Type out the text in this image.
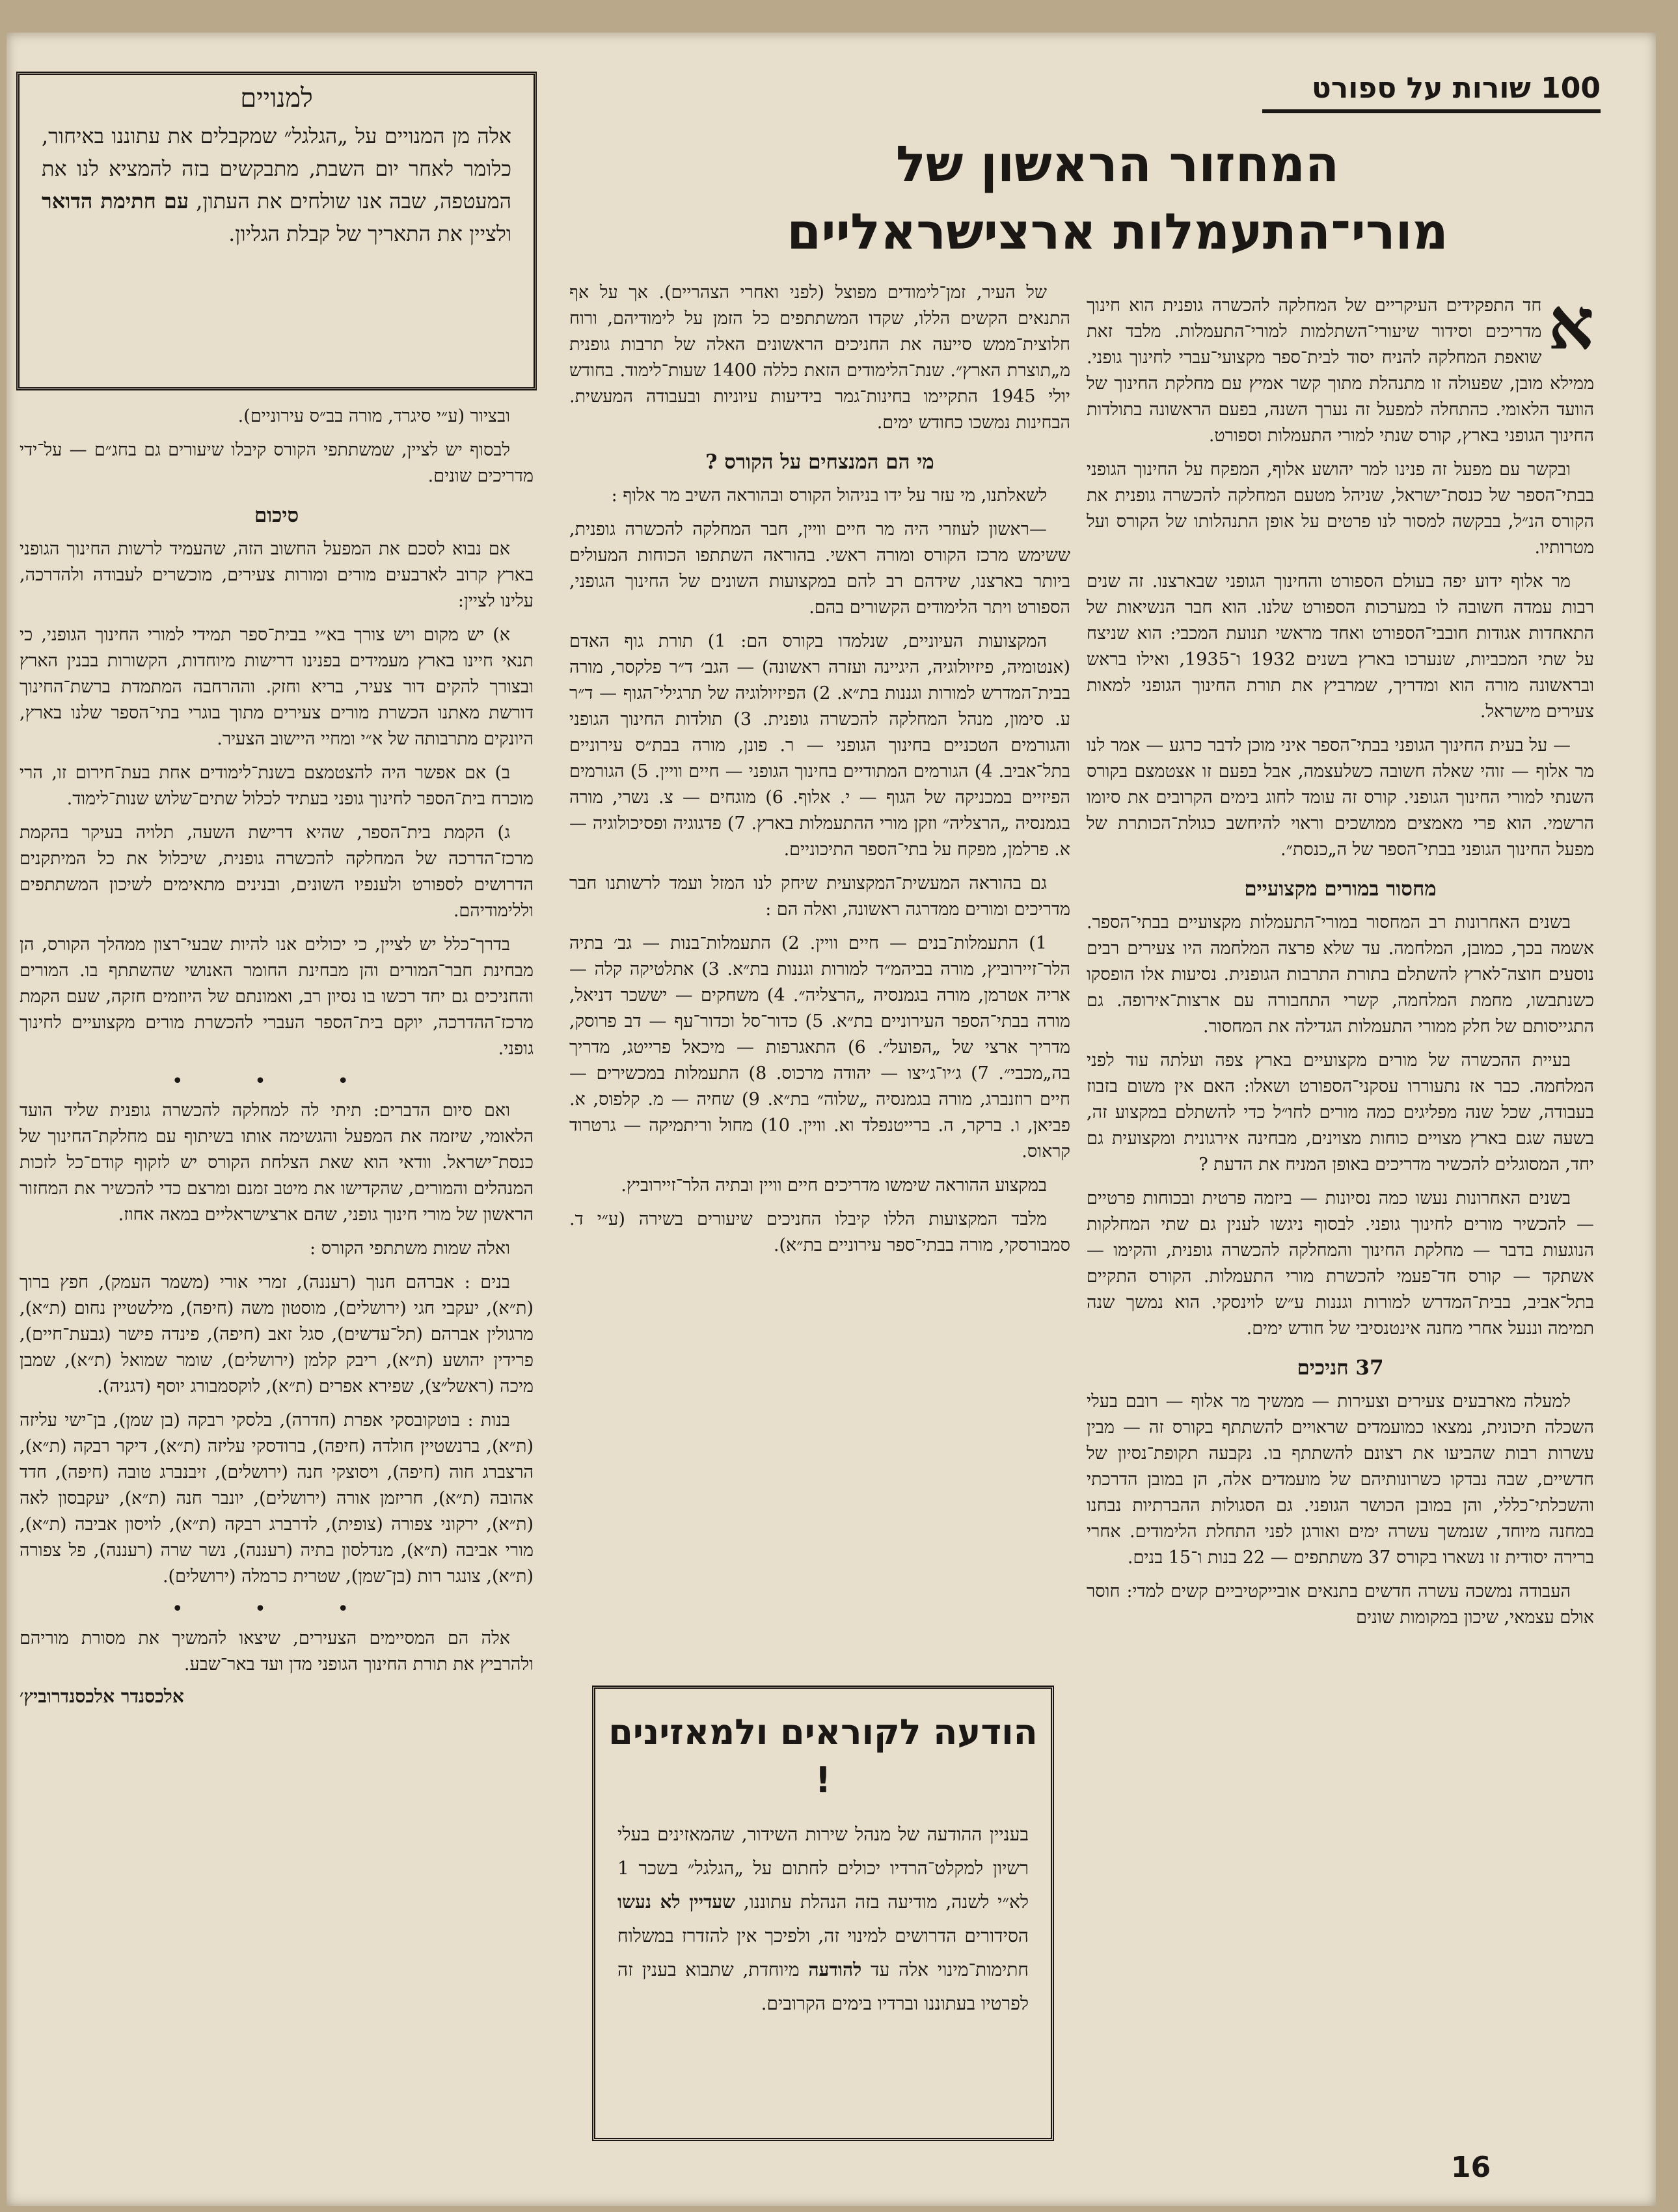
100 שורות על ספורט
המחזור הראשון של מורי־התעמלות ארצישראליים
למנויים
אלה מן המנויים על „הגלגל״ שמקבלים את עתוננו באיחור, כלומר לאחר יום השבת, מתבקשים בזה להמציא לנו את המעטפה, שבה אנו שולחים את העתון, עם חתימת הדואר ולציין את התאריך של קבלת הגליון.

א
חד התפקידים העיקריים של המחלקה להכשרה גופנית הוא חינוך מדריכים וסידור שיעורי־השתלמות למורי־התעמלות. מלבד זאת שואפת המחלקה להניח יסוד לבית־ספר מקצועי־עברי לחינוך גופני. ממילא מובן, שפעולה זו מתנהלת מתוך קשר אמיץ עם מחלקת החינוך של הוועד הלאומי. כהתחלה למפעל זה נערך השנה, בפעם הראשונה בתולדות החינוך הגופני בארץ, קורס שנתי למורי התעמלות וספורט.

ובקשר עם מפעל זה פנינו למר יהושע אלוף, המפקח על החינוך הגופני בבתי־הספר של כנסת־ישראל, שניהל מטעם המחלקה להכשרה גופנית את הקורס הנ״ל, בבקשה למסור לנו פרטים על אופן התנהלותו של הקורס ועל מטרותיו.

מר אלוף ידוע יפה בעולם הספורט והחינוך הגופני שבארצנו. זה שנים רבות עמדה חשובה לו במערכות הספורט שלנו. הוא חבר הנשיאות של התאחדות אגודות חובבי־הספורט ואחד מראשי תנועת המכבי: הוא שניצח על שתי המכביות, שנערכו בארץ בשנים 1932 ו־1935, ואילו בראש ובראשונה מורה הוא ומדריך, שמרביץ את תורת החינוך הגופני למאות צעירים מישראל.

— על בעית החינוך הגופני בבתי־הספר איני מוכן לדבר כרגע — אמר לנו מר אלוף — זוהי שאלה חשובה כשלעצמה, אבל בפעם זו אצטמצם בקורס השנתי למורי החינוך הגופני. קורס זה עומד לחוג בימים הקרובים את סיומו הרשמי. הוא פרי מאמצים ממושכים וראוי להיחשב כגולת־הכותרת של מפעל החינוך הגופני בבתי־הספר של ה„כנסת״.

מחסור במורים מקצועיים

בשנים האחרונות רב המחסור במורי־התעמלות מקצועיים בבתי־הספר. אשמה בכך, כמובן, המלחמה. עד שלא פרצה המלחמה היו צעירים רבים נוסעים חוצה־לארץ להשתלם בתורת התרבות הגופנית. נסיעות אלו הופסקו כשנתבשו, מחמת המלחמה, קשרי התחבורה עם ארצות־אירופה. גם התגייסותם של חלק ממורי התעמלות הגדילה את המחסור.

בעיית ההכשרה של מורים מקצועיים בארץ צפה ועלתה עוד לפני המלחמה. כבר אז נתעוררו עסקני־הספורט ושאלו: האם אין משום בזבוז בעבודה, שכל שנה מפליגים כמה מורים לחו״ל כדי להשתלם במקצוע זה, בשעה שגם בארץ מצויים כוחות מצוינים, מבחינה אירגונית ומקצועית גם יחד, המסוגלים להכשיר מדריכים באופן המניח את הדעת ?

בשנים האחרונות נעשו כמה נסיונות — ביזמה פרטית ובכוחות פרטיים — להכשיר מורים לחינוך גופני. לבסוף ניגשו לענין גם שתי המחלקות הנוגעות בדבר — מחלקת החינוך והמחלקה להכשרה גופנית, והקימו — אשתקד — קורס חד־פעמי להכשרת מורי התעמלות. הקורס התקיים בתל־אביב, בבית־המדרש למורות וגננות ע״ש לוינסקי. הוא נמשך שנה תמימה וננעל אחרי מחנה אינטנסיבי של חודש ימים.

37 חניכים

למעלה מארבעים צעירים וצעירות — ממשיך מר אלוף — רובם בעלי השכלה תיכונית, נמצאו כמועמדים שראויים להשתתף בקורס זה — מבין עשרות רבות שהביעו את רצונם להשתתף בו. נקבעה תקופת־נסיון של חדשיים, שבה נבדקו כשרונותיהם של מועמדים אלה, הן במובן הדרכתי והשכלתי־כללי, והן במובן הכושר הגופני. גם הסגולות ההברתיות נבחנו במחנה מיוחד, שנמשך עשרה ימים ואורגן לפני התחלת הלימודים. אחרי ברירה יסודית זו נשארו בקורס 37 משתתפים — 22 בנות ו־15 בנים.

העבודה נמשכה עשרה חדשים בתנאים אובייקטיביים קשים למדי: חוסר אולם עצמאי, שיכון במקומות שונים

של העיר, זמן־לימודים מפוצל (לפני ואחרי הצהריים). אך על אף התנאים הקשים הללו, שקדו המשתתפים כל הזמן על לימודיהם, ורוח חלוצית־ממש סייעה את החניכים הראשונים האלה של תרבות גופנית מ„תוצרת הארץ״. שנת־הלימודים הזאת כללה 1400 שעות־לימוד. בחודש יולי 1945 התקיימו בחינות־גמר בידיעות עיוניות ובעבודה המעשית. הבחינות נמשכו כחודש ימים.

מי הם המנצחים על הקורס ?

לשאלתנו, מי עזר על ידו בניהול הקורס ובהוראה השיב מר אלוף :

—ראשון לעוזרי היה מר חיים וויין, חבר המחלקה להכשרה גופנית, ששימש מרכז הקורס ומורה ראשי. בהוראה השתתפו הכוחות המעולים ביותר בארצנו, שידהם רב להם במקצועות השונים של החינוך הגופני, הספורט ויתר הלימודים הקשורים בהם.

המקצועות העיוניים, שנלמדו בקורס הם: 1) תורת גוף האדם (אנטומיה, פיזיולוגיה, היגיינה ועזרה ראשונה) — הגב׳ ד״ר פלקסר, מורה בבית־המדרש למורות וגננות בת״א. 2) הפיזיולוגיה של תרגילי־הגוף — ד״ר ע. סימון, מנהל המחלקה להכשרה גופנית. 3) תולדות החינוך הגופני והגורמים הטכניים בחינוך הגופני — ר. פונן, מורה בבת״ס עירוניים בתל־אביב. 4) הגורמים המתודיים בחינוך הגופני — חיים וויין. 5) הגורמים הפיזיים במכניקה של הגוף — י. אלוף. 6) מוגחים — צ. נשרי, מורה בגמנסיה „הרצליה״ וזקן מורי ההתעמלות בארץ. 7) פדגוגיה ופסיכולוגיה — א. פרלמן, מפקח על בתי־הספר התיכוניים.

גם בהוראה המעשית־המקצועית שיחק לנו המזל ועמד לרשותנו חבר מדריכים ומורים ממדרגה ראשונה, ואלה הם :

1) התעמלות־בנים — חיים וויין. 2) התעמלות־בנות — גב׳ בתיה הלר־זיירוביץ, מורה בביהמ״ד למורות וגננות בת״א. 3) אתלטיקה קלה — אריה אטרמן, מורה בגמנסיה „הרצליה״. 4) משחקים — יששכר דניאל, מורה בבתי־הספר העירוניים בת״א. 5) כדור־סל וכדור־עף — דב פרוסק, מדריך ארצי של „הפועל״. 6) התאגרפות — מיכאל פרייטג, מדריך בה„מכבי״. 7) ג׳יו־ג׳יצו — יהודה מרכוס. 8) התעמלות במכשירים — חיים רוזנברג, מורה בגמנסיה „שלוה״ בת״א. 9) שחיה — מ. קלפוס, א. פביאן, ו. ברקר, ה. ברייטנפלד וא. וויין. 10) מחול וריתמיקה — גרטרוד קראוס.

במקצוע ההוראה שימשו מדריכים חיים וויין ובתיה הלר־זיירוביץ.

מלבד המקצועות הללו קיבלו החניכים שיעורים בשירה (ע״י ד. סמבורסקי, מורה בבתי־ספר עירוניים בת״א).

הודעה לקוראים ולמאזינים !
בעניין ההודעה של מנהל שירות השידור, שהמאזינים בעלי רשיון למקלט־הרדיו יכולים לחתום על „הגלגל״ בשכר 1 לא״י לשנה, מודיעה בזה הנהלת עתוננו, שעדיין לא נעשו הסידורים הדרושים למינוי זה, ולפיכך אין להזדרז במשלוח חתימות־מינוי אלה עד להודעה מיוחדת, שתבוא בענין זה לפרטיו בעתוננו וברדיו בימים הקרובים.

ובציור (ע״י סיגרד, מורה בב״ס עירוניים).

לבסוף יש לציין, שמשתתפי הקורס קיבלו שיעורים גם בחג״ם — על־ידי מדריכים שונים.

סיכום

אם נבוא לסכם את המפעל החשוב הזה, שהעמיד לרשות החינוך הגופני בארץ קרוב לארבעים מורים ומורות צעירים, מוכשרים לעבודה ולהדרכה, עלינו לציין:

א) יש מקום ויש צורך בא״י בבית־ספר תמידי למורי החינוך הגופני, כי תנאי חיינו בארץ מעמידים בפנינו דרישות מיוחדות, הקשורות בבנין הארץ ובצורך להקים דור צעיר, בריא וחזק. וההרחבה המתמדת ברשת־החינוך דורשת מאתנו הכשרת מורים צעירים מתוך בוגרי בתי־הספר שלנו בארץ, היונקים מתרבותה של א״י ומחיי היישוב הצעיר.

ב) אם אפשר היה להצטמצם בשנת־לימודים אחת בעת־חירום זו, הרי מוכרח בית־הספר לחינוך גופני בעתיד לכלול שתים־שלוש שנות־לימוד.

ג) הקמת בית־הספר, שהיא דרישת השעה, תלויה בעיקר בהקמת מרכז־הדרכה של המחלקה להכשרה גופנית, שיכלול את כל המיתקנים הדרושים לספורט ולענפיו השונים, ובנינים מתאימים לשיכון המשתתפים וללימודיהם.

בדרך־כלל יש לציין, כי יכולים אנו להיות שבעי־רצון ממהלך הקורס, הן מבחינת חבר־המורים והן מבחינת החומר האנושי שהשתתף בו. המורים והחניכים גם יחד רכשו בו נסיון רב, ואמונתם של היוזמים חזקה, שעם הקמת מרכז־ההדרכה, יוקם בית־הספר העברי להכשרת מורים מקצועיים לחינוך גופני.

• • •

ואם סיום הדברים: תיתי לה למחלקה להכשרה גופנית שליד הועד הלאומי, שיזמה את המפעל והגשימה אותו בשיתוף עם מחלקת־החינוך של כנסת־ישראל. וודאי הוא שאת הצלחת הקורס יש לזקוף קודם־כל לזכות המנהלים והמורים, שהקדישו את מיטב זמנם ומרצם כדי להכשיר את המחזור הראשון של מורי חינוך גופני, שהם ארצישראליים במאה אחוז.

ואלה שמות משתתפי הקורס :

בנים : אברהם חנוך (רעננה), זמרי אורי (משמר העמק), חפץ ברוך (ת״א), יעקבי חגי (ירושלים), מוסטון משה (חיפה), מילשטיין נחום (ת״א), מרגולין אברהם (תל־עדשים), סגל זאב (חיפה), פינדה פישר (גבעת־חיים), פרידין יהושע (ת״א), ריבק קלמן (ירושלים), שומר שמואל (ת״א), שמבן מיכה (ראשל״צ), שפירא אפרים (ת״א), לוקסמבורג יוסף (דגניה).

בנות : בוטקובסקי אפרת (חדרה), בלסקי רבקה (בן שמן), בן־ישי עליזה (ת״א), ברנשטיין חולדה (חיפה), ברודסקי עליזה (ת״א), דיקר רבקה (ת״א), הרצברג חוה (חיפה), ויסוצקי חנה (ירושלים), זיבנברג טובה (חיפה), חדד אהובה (ת״א), חריזמן אורה (ירושלים), יונבר חנה (ת״א), יעקבסון לאה (ת״א), ירקוני צפורה (צופית), לדרברג רבקה (ת״א), לויסון אביבה (ת״א), מורי אביבה (ת״א), מנדלסון בתיה (רעננה), נשר שרה (רעננה), פל צפורה (ת״א), צונגר רות (בן־שמן), שטרית כרמלה (ירושלים).

• • •

אלה הם המסיימים הצעירים, שיצאו להמשיך את מסורת מוריהם ולהרביץ את תורת החינוך הגופני מדן ועד באר־שבע.

אלכסנדר אלכסנדרוביץ׳
16
